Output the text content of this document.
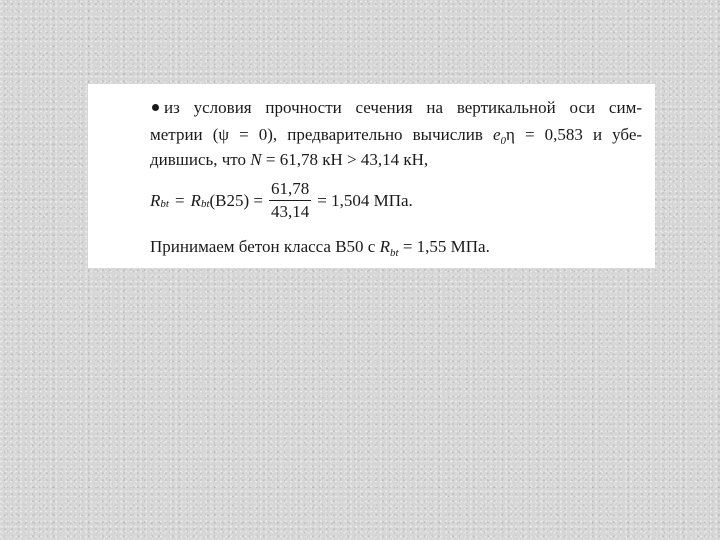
из условия прочности сечения на вертикальной оси сим-
метрии (ψ = 0), предварительно вычислив $e_0\eta = 0,583$ и убе-
дившись, что N = 61,78 кН > 43,14 кН,
R bt = R bt $(B25) = \frac{61,78}{43,14} = 1,504$ МПа.
Принимаем бетон класса В50 с $R_{bt} = 1,55$ МПа.
